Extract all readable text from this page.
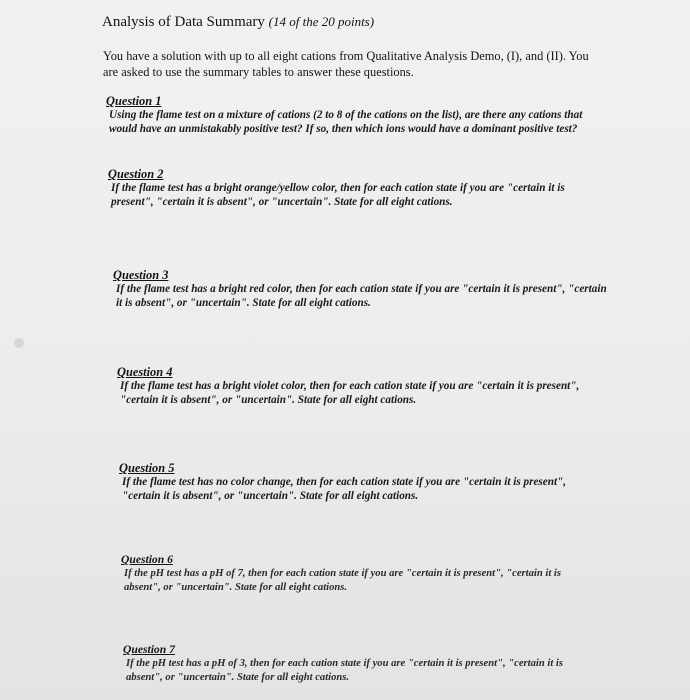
Analysis of Data Summary (14 of the 20 points)
You have a solution with up to all eight cations from Qualitative Analysis Demo, (I), and (II). You are asked to use the summary tables to answer these questions.
Question 1
Using the flame test on a mixture of cations (2 to 8 of the cations on the list), are there any cations that would have an unmistakably positive test? If so, then which ions would have a dominant positive test?
Question 2
If the flame test has a bright orange/yellow color, then for each cation state if you are "certain it is present", "certain it is absent", or "uncertain". State for all eight cations.
Question 3
If the flame test has a bright red color, then for each cation state if you are "certain it is present", "certain it is absent", or "uncertain". State for all eight cations.
Question 4
If the flame test has a bright violet color, then for each cation state if you are "certain it is present", "certain it is absent", or "uncertain". State for all eight cations.
Question 5
If the flame test has no color change, then for each cation state if you are "certain it is present", "certain it is absent", or "uncertain". State for all eight cations.
Question 6
If the pH test has a pH of 7, then for each cation state if you are "certain it is present", "certain it is absent", or "uncertain". State for all eight cations.
Question 7
If the pH test has a pH of 3, then for each cation state if you are "certain it is present", "certain it is absent", or "uncertain". State for all eight cations.
